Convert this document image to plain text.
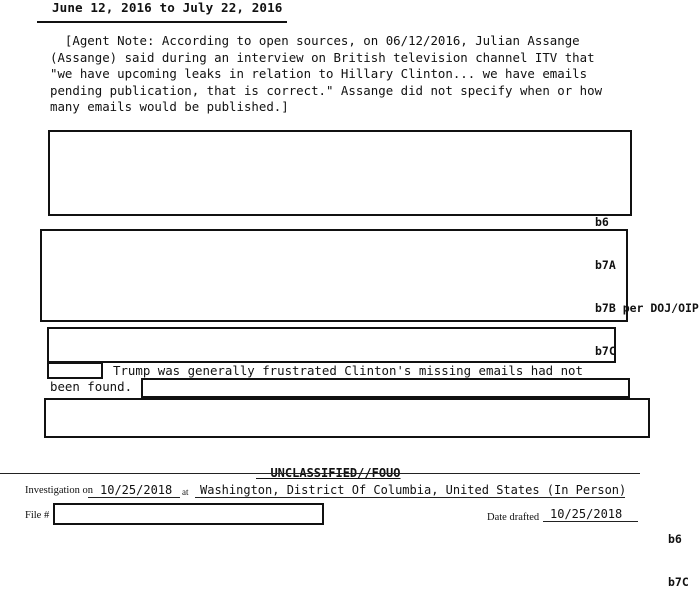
June 12, 2016 to July 22, 2016
[Agent Note: According to open sources, on 06/12/2016, Julian Assange
(Assange) said during an interview on British television channel ITV that
"we have upcoming leaks in relation to Hillary Clinton... we have emails
pending publication, that is correct." Assange did not specify when or how
many emails would be published.]

b6

b7A

b7B per DOJ/OIP

b7C

Trump was generally frustrated Clinton's missing emails had not
been found.

UNCLASSIFIED//FOUO

Investigation on 10/25/2018 at Washington, District Of Columbia, United States (In Person)
File #	Date drafted 10/25/2018

b6

b7C
